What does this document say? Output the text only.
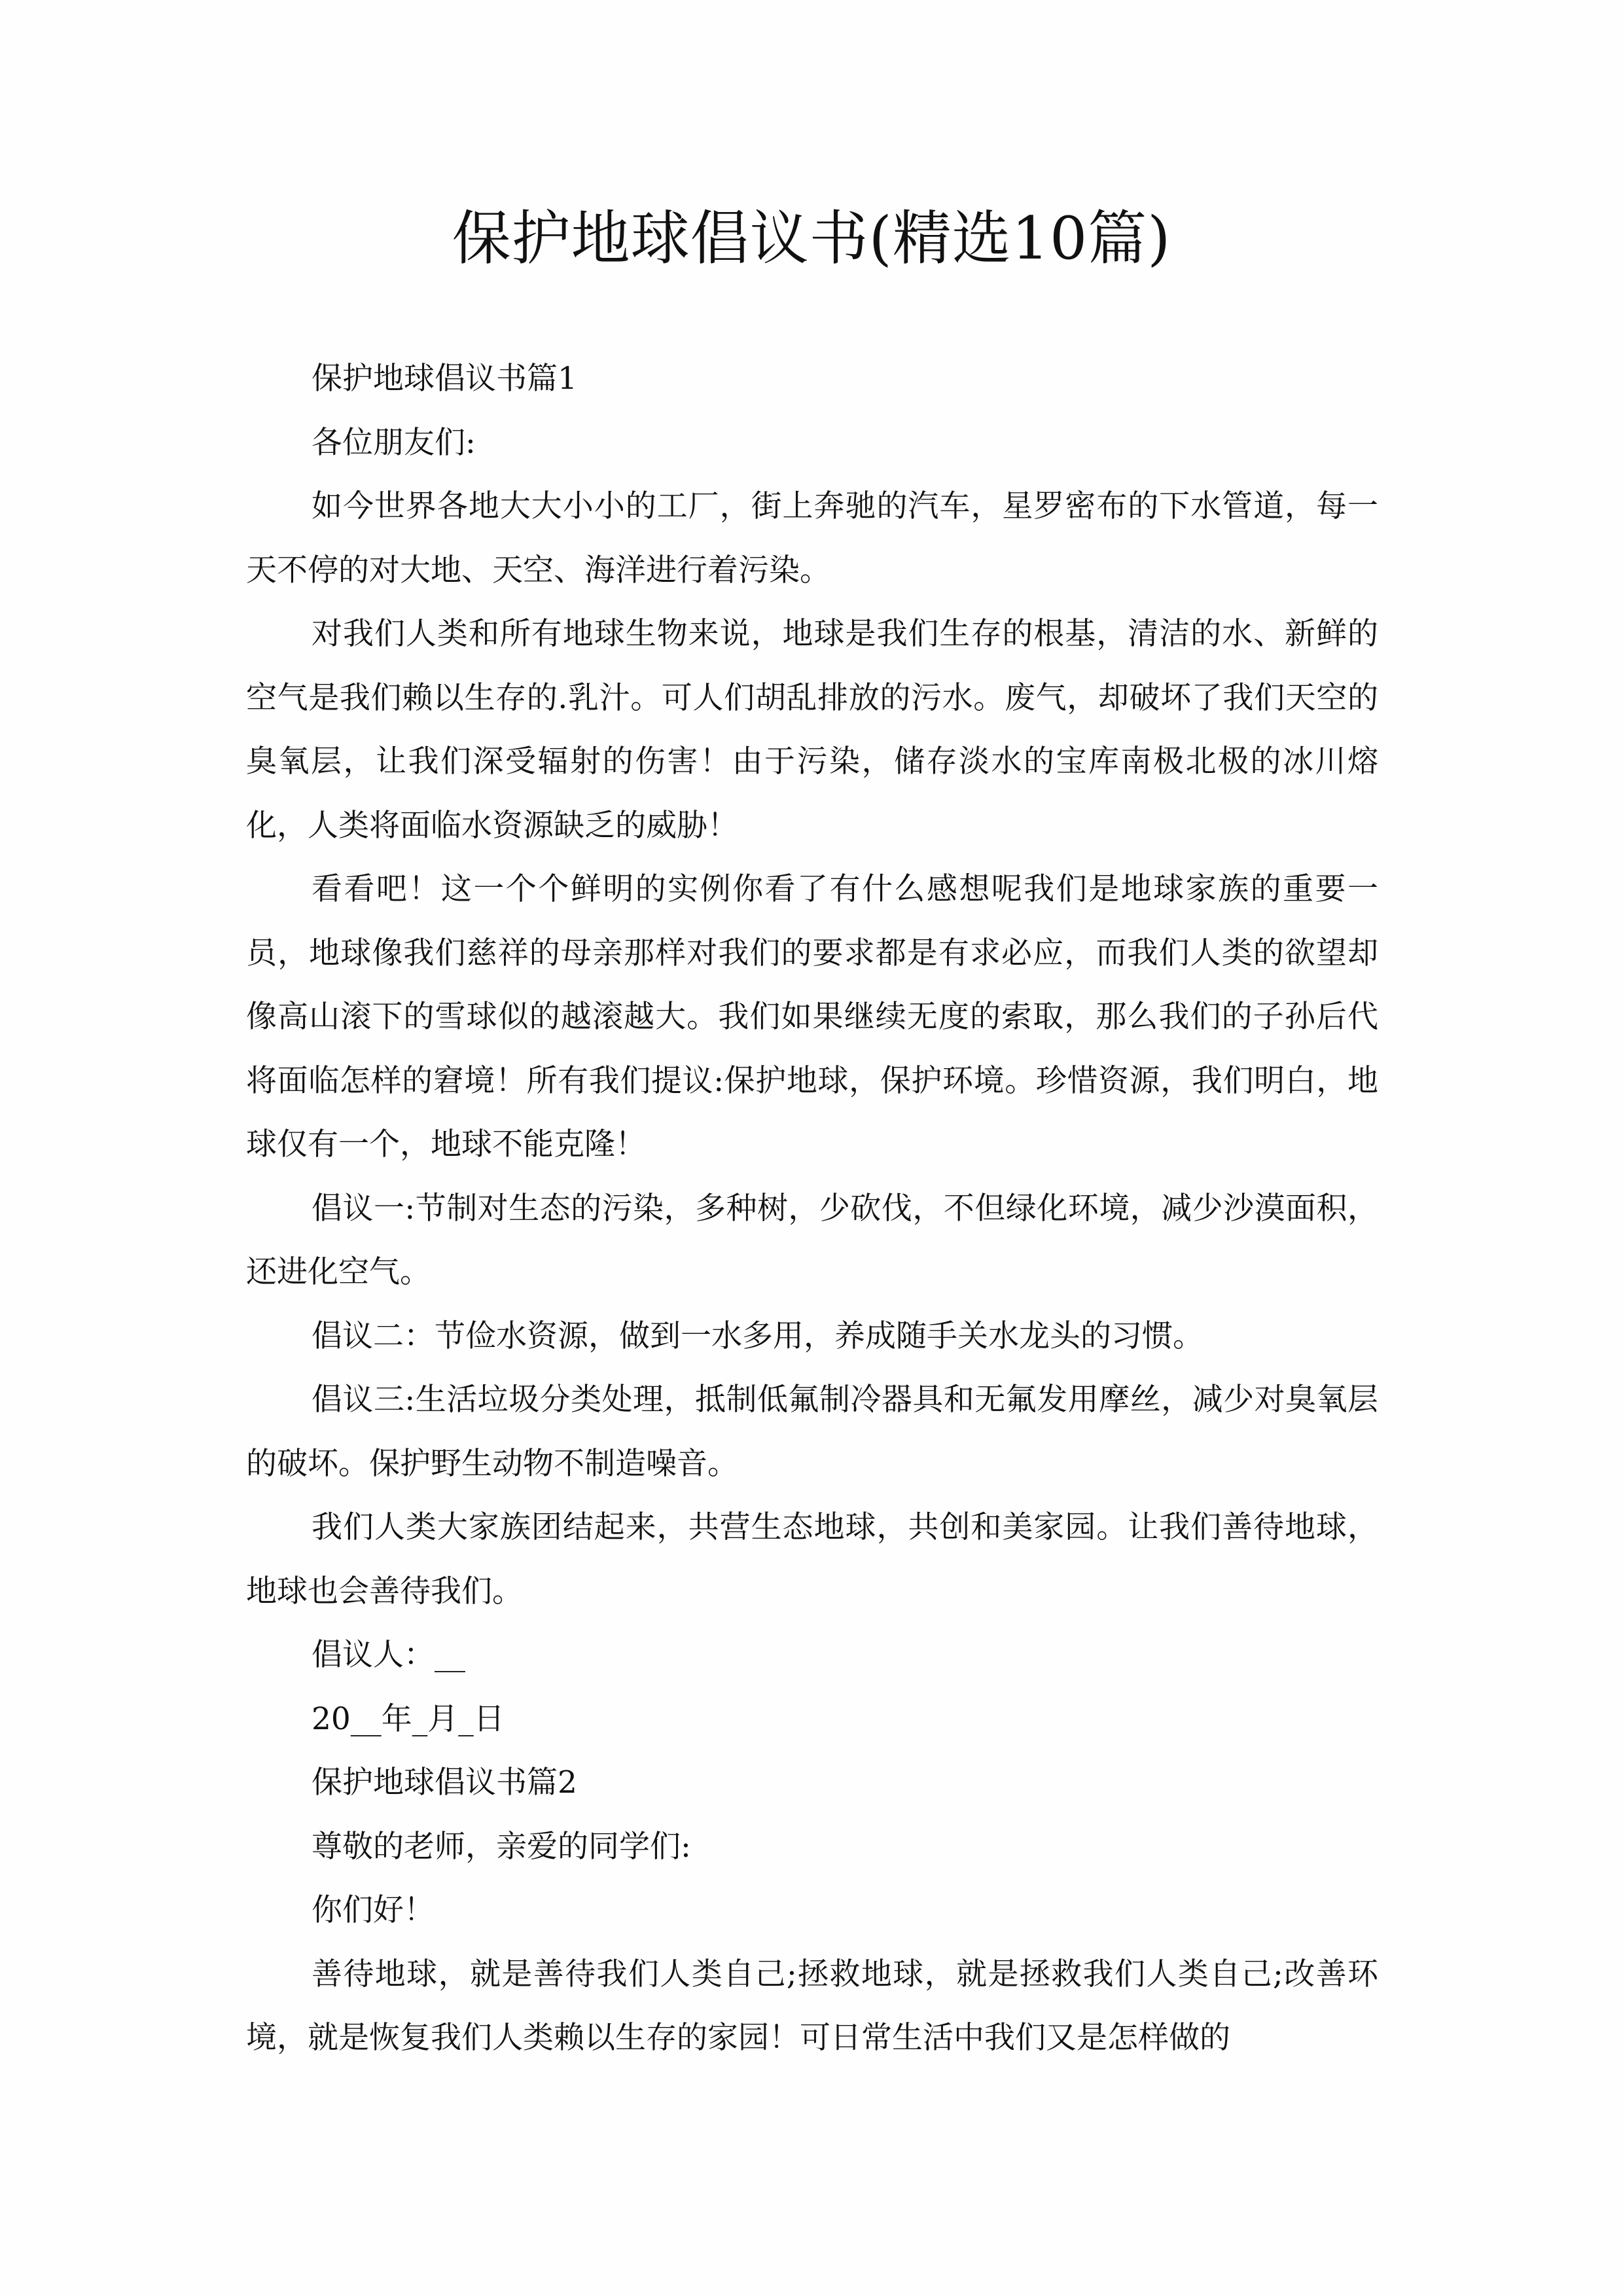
保护地球倡议书(精选10篇)

保护地球倡议书篇1

各位朋友们:

如今世界各地大大小小的工厂，街上奔驰的汽车，星罗密布的下水管道，每一天不停的对大地、天空、海洋进行着污染。

对我们人类和所有地球生物来说，地球是我们生存的根基，清洁的水、新鲜的空气是我们赖以生存的.乳汁。可人们胡乱排放的污水。废气，却破坏了我们天空的臭氧层，让我们深受辐射的伤害！由于污染，储存淡水的宝库南极北极的冰川熔化，人类将面临水资源缺乏的威胁！

看看吧！这一个个鲜明的实例你看了有什么感想呢我们是地球家族的重要一员，地球像我们慈祥的母亲那样对我们的要求都是有求必应，而我们人类的欲望却像高山滚下的雪球似的越滚越大。我们如果继续无度的索取，那么我们的子孙后代将面临怎样的窘境！所有我们提议:保护地球，保护环境。珍惜资源，我们明白，地球仅有一个，地球不能克隆！

倡议一:节制对生态的污染，多种树，少砍伐，不但绿化环境，减少沙漠面积，还进化空气。

倡议二：节俭水资源，做到一水多用，养成随手关水龙头的习惯。

倡议三:生活垃圾分类处理，抵制低氟制冷器具和无氟发用摩丝，减少对臭氧层的破坏。保护野生动物不制造噪音。

我们人类大家族团结起来，共营生态地球，共创和美家园。让我们善待地球，地球也会善待我们。

倡议人：__

20__年_月_日

保护地球倡议书篇2

尊敬的老师，亲爱的同学们:

你们好！

善待地球，就是善待我们人类自己;拯救地球，就是拯救我们人类自己;改善环境，就是恢复我们人类赖以生存的家园！可日常生活中我们又是怎样做的
